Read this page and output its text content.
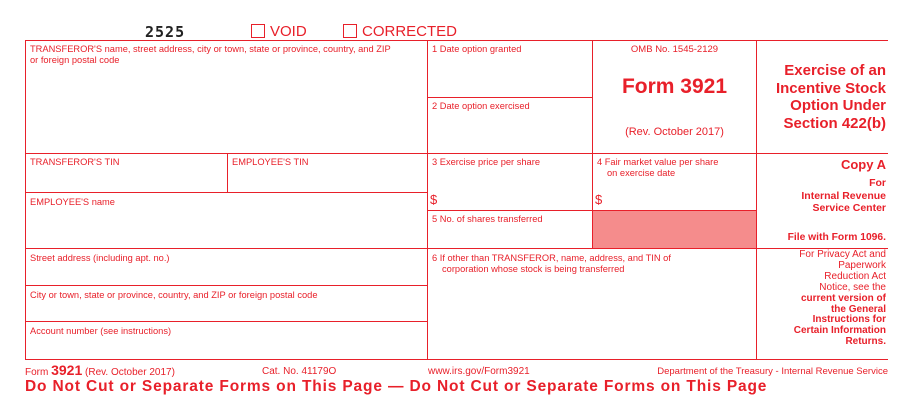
2525	VOID	CORRECTED
TRANSFEROR'S name, street address, city or town, state or province, country, and ZIP or foreign postal code
TRANSFEROR'S TIN	EMPLOYEE'S TIN
EMPLOYEE'S name
Street address (including apt. no.)
City or town, state or province, country, and ZIP or foreign postal code
Account number (see instructions)
1 Date option granted
2 Date option exercised
3 Exercise price per share
$
4 Fair market value per share
on exercise date
$
5 No. of shares transferred
6 If other than TRANSFEROR, name, address, and TIN of
corporation whose stock is being transferred
OMB No. 1545-2129
Form 3921
(Rev. October 2017)
Exercise of an
Incentive Stock
Option Under
Section 422(b)
Copy A
For
Internal Revenue
Service Center
File with Form 1096.
For Privacy Act and
Paperwork
Reduction Act
Notice, see the
current version of
the General
Instructions for
Certain Information
Returns.
Form 3921 (Rev. October 2017)	Cat. No. 41179O	www.irs.gov/Form3921	Department of the Treasury - Internal Revenue Service
Do Not Cut or Separate Forms on This Page — Do Not Cut or Separate Forms on This Page
